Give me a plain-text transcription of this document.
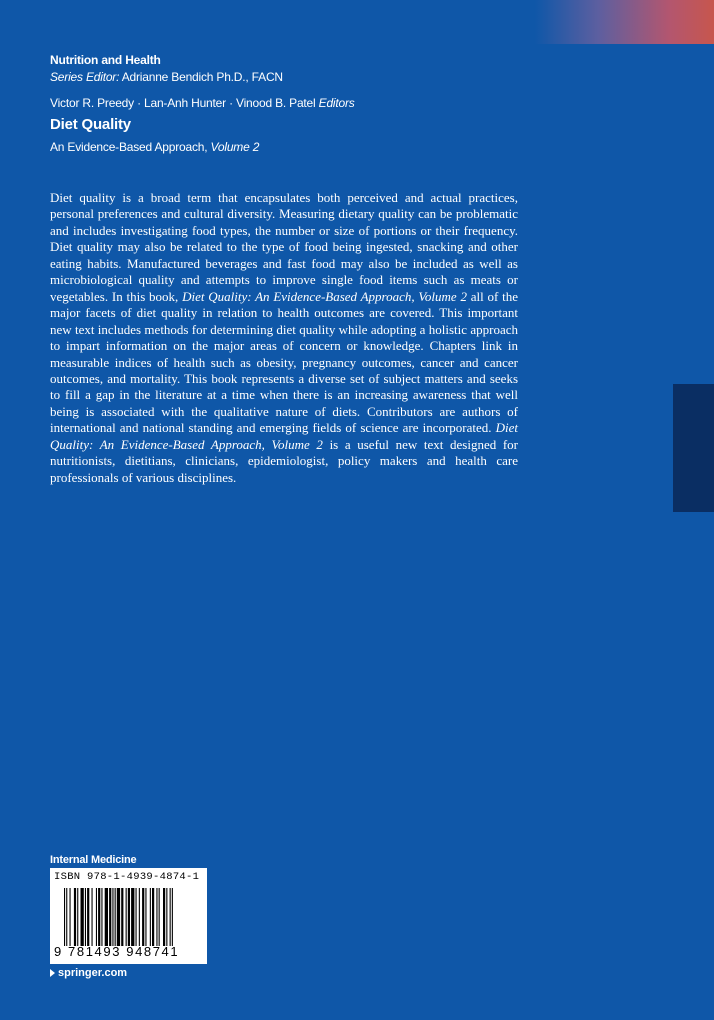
Nutrition and Health

Series Editor: Adrianne Bendich Ph.D., FACN

Victor R. Preedy · Lan-Anh Hunter · Vinood B. Patel Editors

Diet Quality

An Evidence-Based Approach, Volume 2

Diet quality is a broad term that encapsulates both perceived and actual practices, personal preferences and cultural diversity. Measuring dietary quality can be problematic and includes investigating food types, the number or size of portions or their frequency. Diet quality may also be related to the type of food being ingested, snacking and other eating habits. Manufactured beverages and fast food may also be included as well as microbiological quality and attempts to improve single food items such as meats or vegetables. In this book, Diet Quality: An Evidence-Based Approach, Volume 2 all of the major facets of diet quality in relation to health outcomes are covered. This important new text includes methods for determining diet quality while adopting a holistic approach to impart information on the major areas of concern or knowledge. Chapters link in measurable indices of health such as obesity, pregnancy outcomes, cancer and cancer outcomes, and mortality. This book represents a diverse set of subject matters and seeks to fill a gap in the literature at a time when there is an increasing awareness that well being is associated with the qualitative nature of diets. Contributors are authors of international and national standing and emerging fields of science are incorporated. Diet Quality: An Evidence-Based Approach, Volume 2 is a useful new text designed for nutritionists, dietitians, clinicians, epidemiologist, policy makers and health care professionals of various disciplines.

Internal Medicine
ISBN 978-1-4939-4874-1
9 781493 948741
springer.com
